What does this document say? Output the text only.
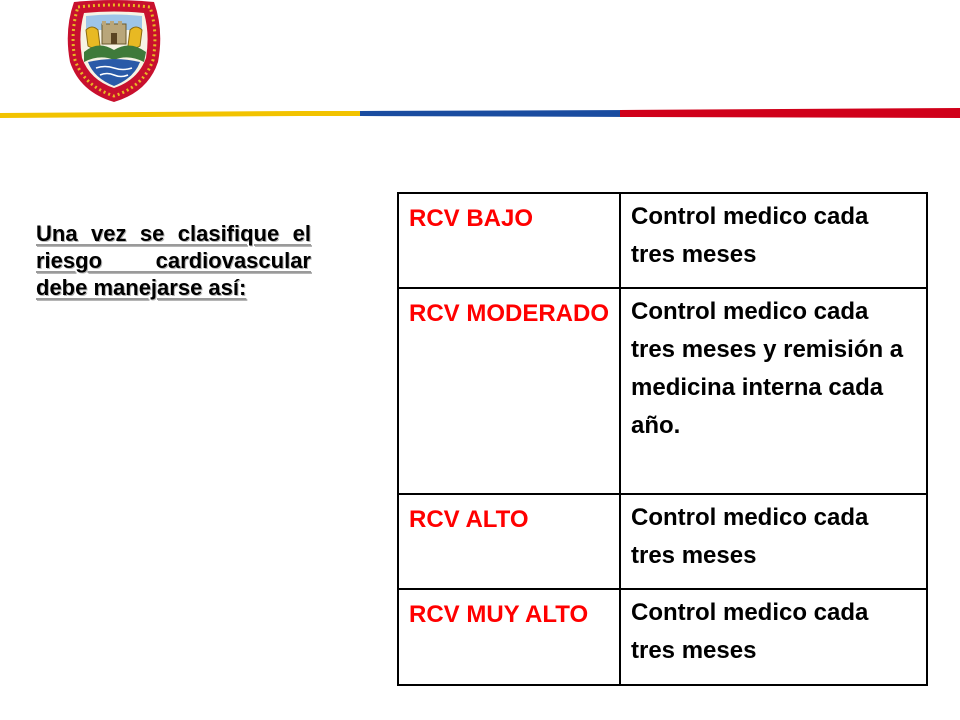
Una vez se clasifique el riesgo cardiovascular debe manejarse así:
RCV BAJO	Control medico cada tres meses
RCV MODERADO	Control medico cada tres meses y remisión a medicina interna cada año.
RCV ALTO	Control medico cada tres meses
RCV MUY ALTO	Control medico cada tres meses
